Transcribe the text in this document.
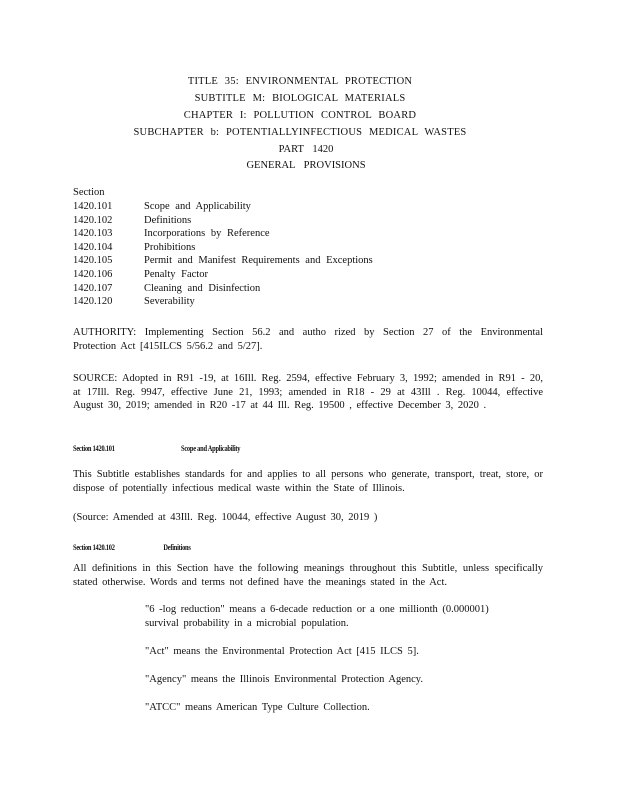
TITLE 35: ENVIRONMENTAL PROTECTION
SUBTITLE M: BIOLOGICAL MATERIALS
CHAPTER I: POLLUTION CONTROL BOARD
SUBCHAPTER b: POTENTIALLYINFECTIOUS MEDICAL WASTES
PART 1420
GENERAL PROVISIONS
Section
1420.101	Scope and Applicability
1420.102	Definitions
1420.103	Incorporations by Reference
1420.104	Prohibitions
1420.105	Permit and Manifest Requirements and Exceptions
1420.106	Penalty Factor
1420.107	Cleaning and Disinfection
1420.120	Severability
AUTHORITY: Implementing Section 56.2 and autho rized by Section 27 of the Environmental Protection Act [415ILCS 5/56.2 and 5/27].
SOURCE: Adopted in R91 -19, at 16Ill. Reg. 2594, effective February 3, 1992; amended in R91 - 20, at 17Ill. Reg. 9947, effective June 21, 1993; amended in R18 - 29 at 43Ill . Reg. 10044, effective August 30, 2019; amended in R20 -17 at 44 Ill. Reg. 19500 , effective December 3, 2020 .
Section 1420.101	Scope and Applicability
This Subtitle establishes standards for and applies to all persons who generate, transport, treat, store, or dispose of potentially infectious medical waste within the State of Illinois.
(Source: Amended at 43Ill. Reg. 10044, effective August 30, 2019 )
Section 1420.102	Definitions
All definitions in this Section have the following meanings throughout this Subtitle, unless specifically stated otherwise. Words and terms not defined have the meanings stated in the Act.
"6 -log reduction" means a 6-decade reduction or a one millionth (0.000001) survival probability in a microbial population.
"Act" means the Environmental Protection Act [415 ILCS 5].
"Agency" means the Illinois Environmental Protection Agency.
"ATCC" means American Type Culture Collection.
